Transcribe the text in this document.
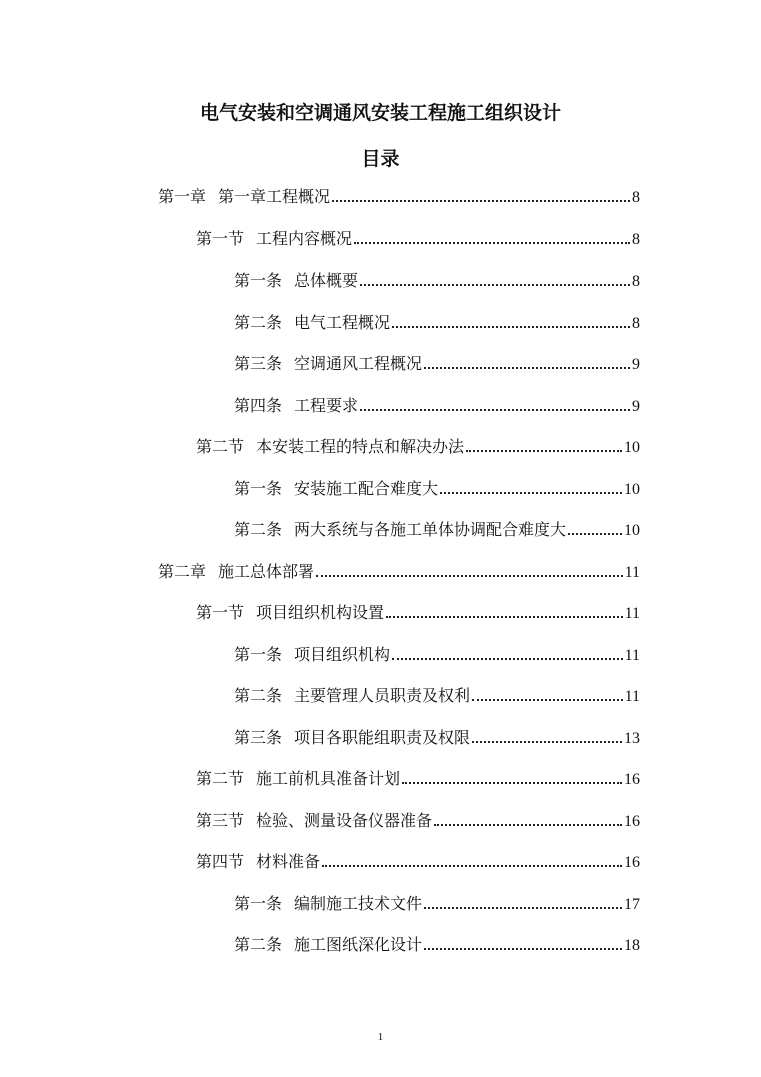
电气安装和空调通风安装工程施工组织设计
目录
第一章 第一章工程概况	8
第一节 工程内容概况	8
第一条 总体概要	8
第二条 电气工程概况	8
第三条 空调通风工程概况	9
第四条 工程要求	9
第二节 本安装工程的特点和解决办法	10
第一条 安装施工配合难度大	10
第二条 两大系统与各施工单体协调配合难度大	10
第二章 施工总体部署	11
第一节 项目组织机构设置	11
第一条 项目组织机构	11
第二条 主要管理人员职责及权利	11
第三条 项目各职能组职责及权限	13
第二节 施工前机具准备计划	16
第三节 检验、测量设备仪器准备	16
第四节 材料准备	16
第一条 编制施工技术文件	17
第二条 施工图纸深化设计	18
1
